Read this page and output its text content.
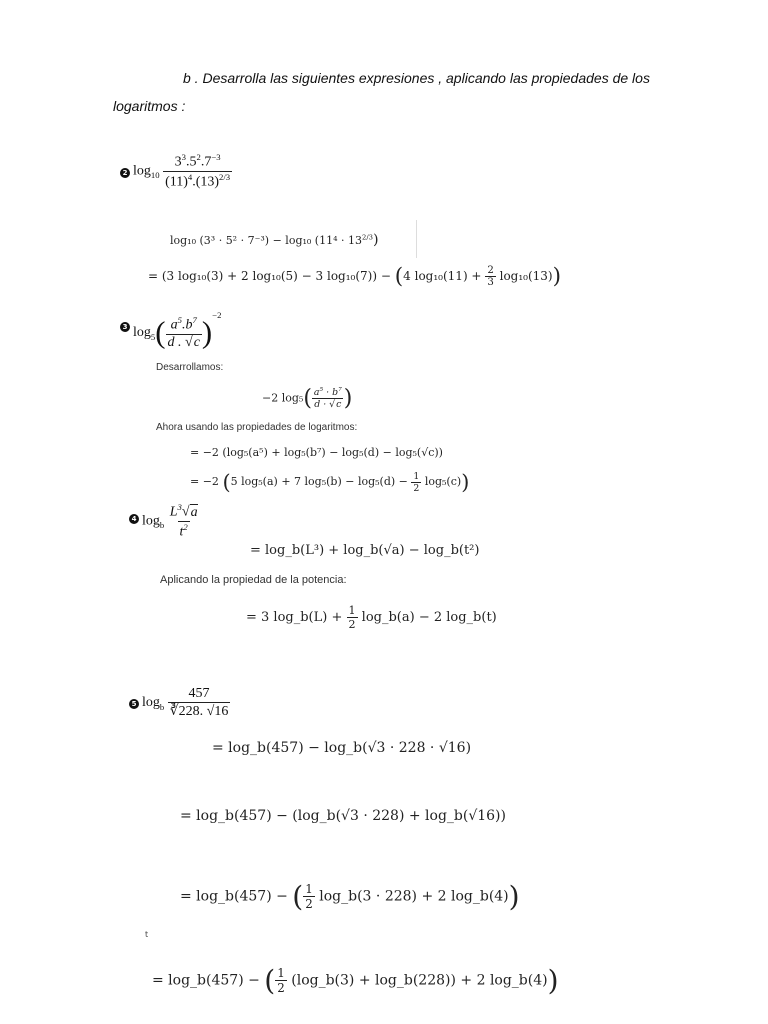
b . Desarrolla las siguientes expresiones , aplicando las propiedades de los
logaritmos :
2 $\log_{10} \frac{3^3.5^2.7^{-3}}{(11)^4.(13)^{2/3}}$
log₁₀ (3³ · 5² · 7⁻³) − log₁₀ $(11^4 \cdot 13^{2/3})$
= (3 log₁₀(3) + 2 log₁₀(5) − 3 log₁₀(7)) − (4 $\log_{10}(11) + \frac{2}{3} \log_{10}(13)$)
3 $\log_5( \frac{a^5.b^7}{d . √c} )^{-2}$
Desarrollamos:
−2 $\log_5( \frac{a^5 \cdot b^7}{d \cdot √c}$ )
Ahora usando las propiedades de logaritmos:
= −2 (log₅(a⁵) + log₅(b⁷) − log₅(d) − log₅(√c))
= −2 (5 log₅(a) + 7 $\log_5(b) - \log_5(d) - \frac{1}{2} \log_5(c)$)
4 $\log_b \frac{L^3√a}{t^2}$
= log_b(L³) + log_b(√a) − log_b(t²)
Aplicando la propiedad de la potencia:
= 3 log_b(L) + $\frac{1}{2}$ log_b(a) − 2 log_b(t)
5 $\log_b \frac{457}{∛228. √16}$
= log_b(457) − log_b(√3 · 228 · √16)
= log_b(457) − (log_b(√3 · 228) + log_b(√16))
= log_b(457) − ( $\frac{1}{2}$ log_b(3 · 228) + 2 log_b(4))
t
= log_b(457) − ( $\frac{1}{2}$ (log_b(3) + log_b(228)) + 2 log_b(4))
